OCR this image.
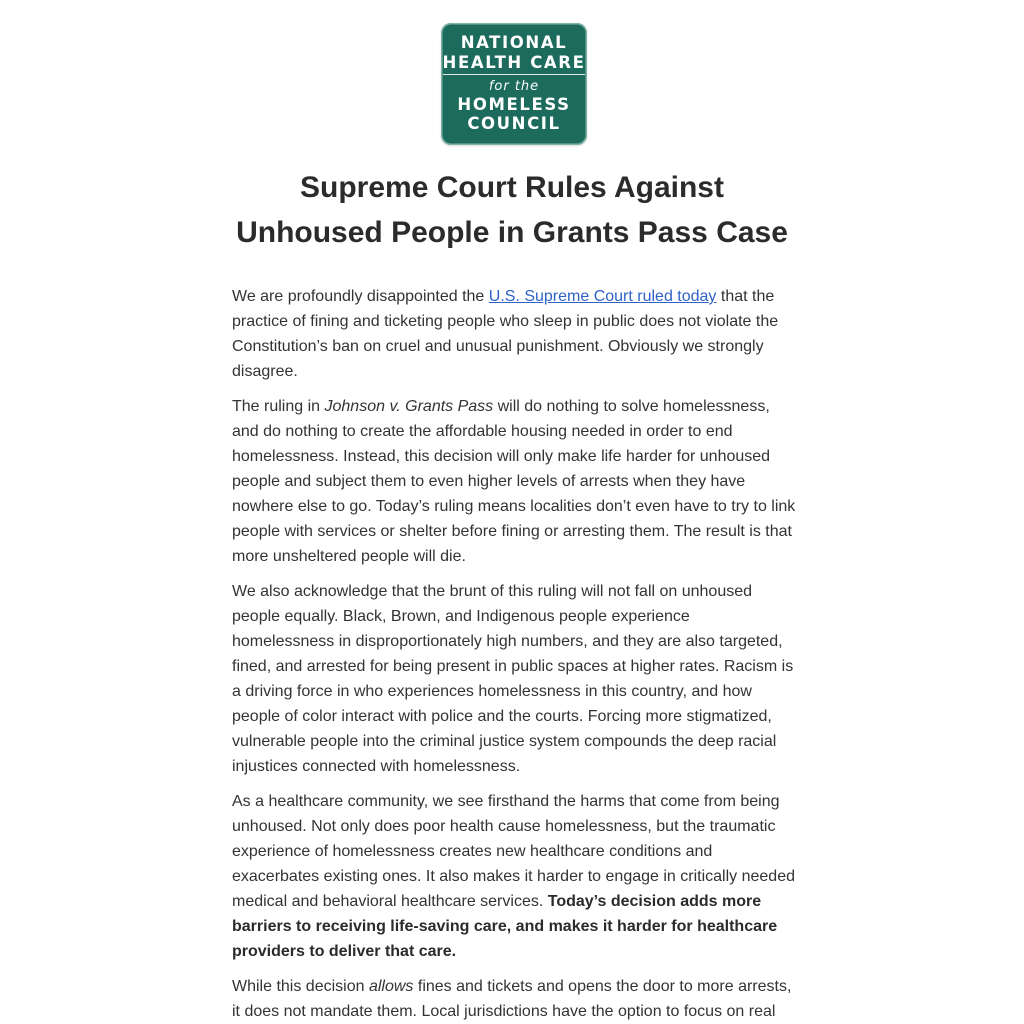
NATIONAL
HEALTH CARE
for the
HOMELESS
COUNCIL
Supreme Court Rules Against
Unhoused People in Grants Pass Case

We are profoundly disappointed the U.S. Supreme Court ruled today that the practice of fining and ticketing people who sleep in public does not violate the Constitution’s ban on cruel and unusual punishment. Obviously we strongly disagree.

The ruling in Johnson v. Grants Pass will do nothing to solve homelessness, and do nothing to create the affordable housing needed in order to end homelessness. Instead, this decision will only make life harder for unhoused people and subject them to even higher levels of arrests when they have nowhere else to go. Today’s ruling means localities don’t even have to try to link people with services or shelter before fining or arresting them. The result is that more unsheltered people will die.

We also acknowledge that the brunt of this ruling will not fall on unhoused people equally. Black, Brown, and Indigenous people experience homelessness in disproportionately high numbers, and they are also targeted, fined, and arrested for being present in public spaces at higher rates. Racism is a driving force in who experiences homelessness in this country, and how people of color interact with police and the courts. Forcing more stigmatized, vulnerable people into the criminal justice system compounds the deep racial injustices connected with homelessness.

As a healthcare community, we see firsthand the harms that come from being unhoused. Not only does poor health cause homelessness, but the traumatic experience of homelessness creates new healthcare conditions and exacerbates existing ones. It also makes it harder to engage in critically needed medical and behavioral healthcare services. Today’s decision adds more barriers to receiving life-saving care, and makes it harder for healthcare providers to deliver that care.

While this decision allows fines and tickets and opens the door to more arrests, it does not mandate them. Local jurisdictions have the option to focus on real
